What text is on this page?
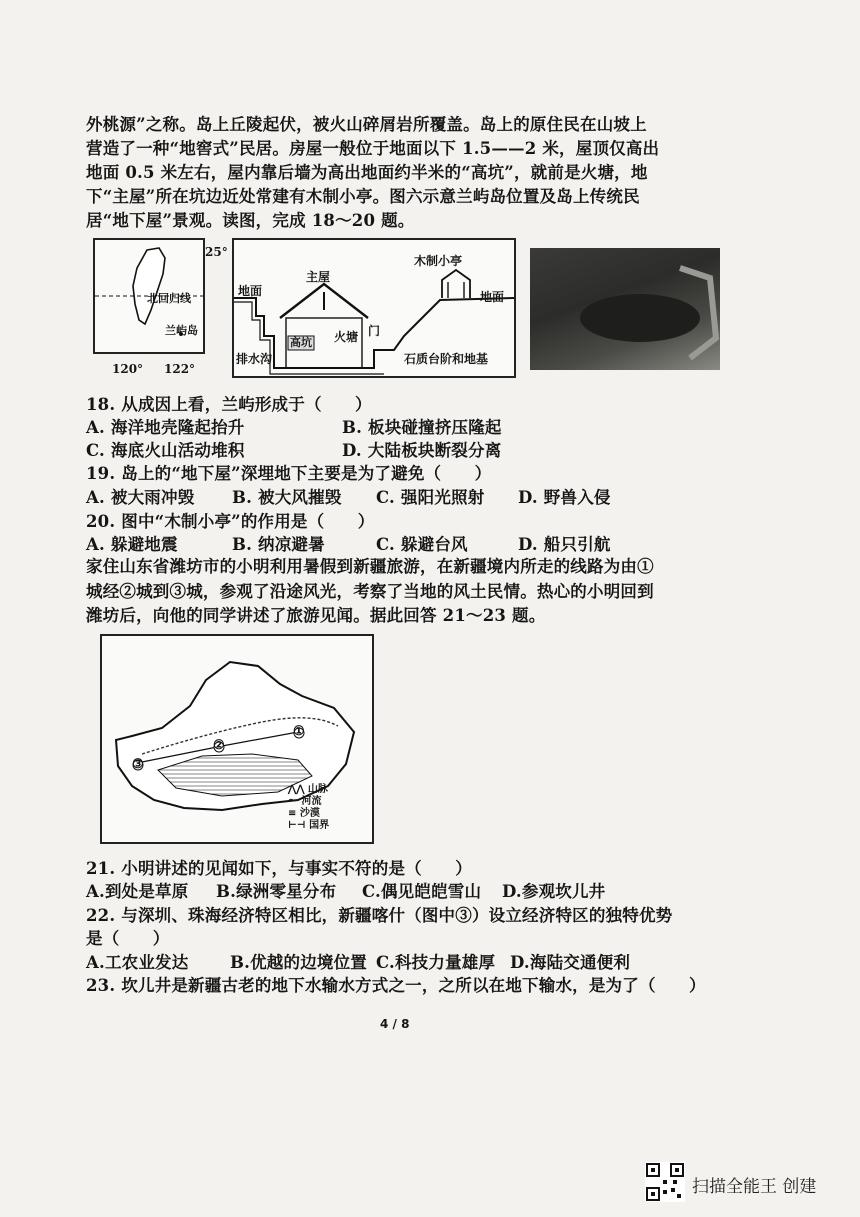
外桃源”之称。岛上丘陵起伏，被火山碎屑岩所覆盖。岛上的原住民在山坡上
营造了一种“地窖式”民居。房屋一般位于地面以下 1.5——2 米，屋顶仅高出
地面 0.5 米左右，屋内靠后墙为高出地面约半米的“高坑”，就前是火塘，地
下“主屋”所在坑边近处常建有木制小亭。图六示意兰屿岛位置及岛上传统民
居“地下屋”景观。读图，完成 18～20 题。
北回归线
兰屿岛
25°
120° 122°
木制小亭
主屋
地面	地面
高坑 火塘 门
排水沟	石质台阶和地基
18. 从成因上看，兰屿形成于（　　）
A. 海洋地壳隆起抬升	B. 板块碰撞挤压隆起
C. 海底火山活动堆积	D. 大陆板块断裂分离
19. 岛上的“地下屋”深埋地下主要是为了避免（　　）
A. 被大雨冲毁 B. 被大风摧毁 C. 强阳光照射 D. 野兽入侵
20. 图中“木制小亭”的作用是（　　）
A. 躲避地震	B. 纳凉避暑	C. 躲避台风	D. 船只引航
家住山东省潍坊市的小明利用暑假到新疆旅游，在新疆境内所走的线路为由①
城经②城到③城，参观了沿途风光，考察了当地的风土民情。热心的小明回到
潍坊后，向他的同学讲述了旅游见闻。据此回答 21～23 题。
①
②
③
⋀⋀ 山脉
〜 河流
≡ 沙漠
⊢⊣ 国界
21. 小明讲述的见闻如下，与事实不符的是（　　）
A.到处是草原 B.绿洲零星分布 C.偶见皑皑雪山 D.参观坎儿井
22. 与深圳、珠海经济特区相比，新疆喀什（图中③）设立经济特区的独特优势
是（　　）
A.工农业发达	B.优越的边境位置 C.科技力量雄厚 D.海陆交通便利
23. 坎儿井是新疆古老的地下水输水方式之一，之所以在地下输水，是为了（　　）
4 / 8
扫描全能王 创建
